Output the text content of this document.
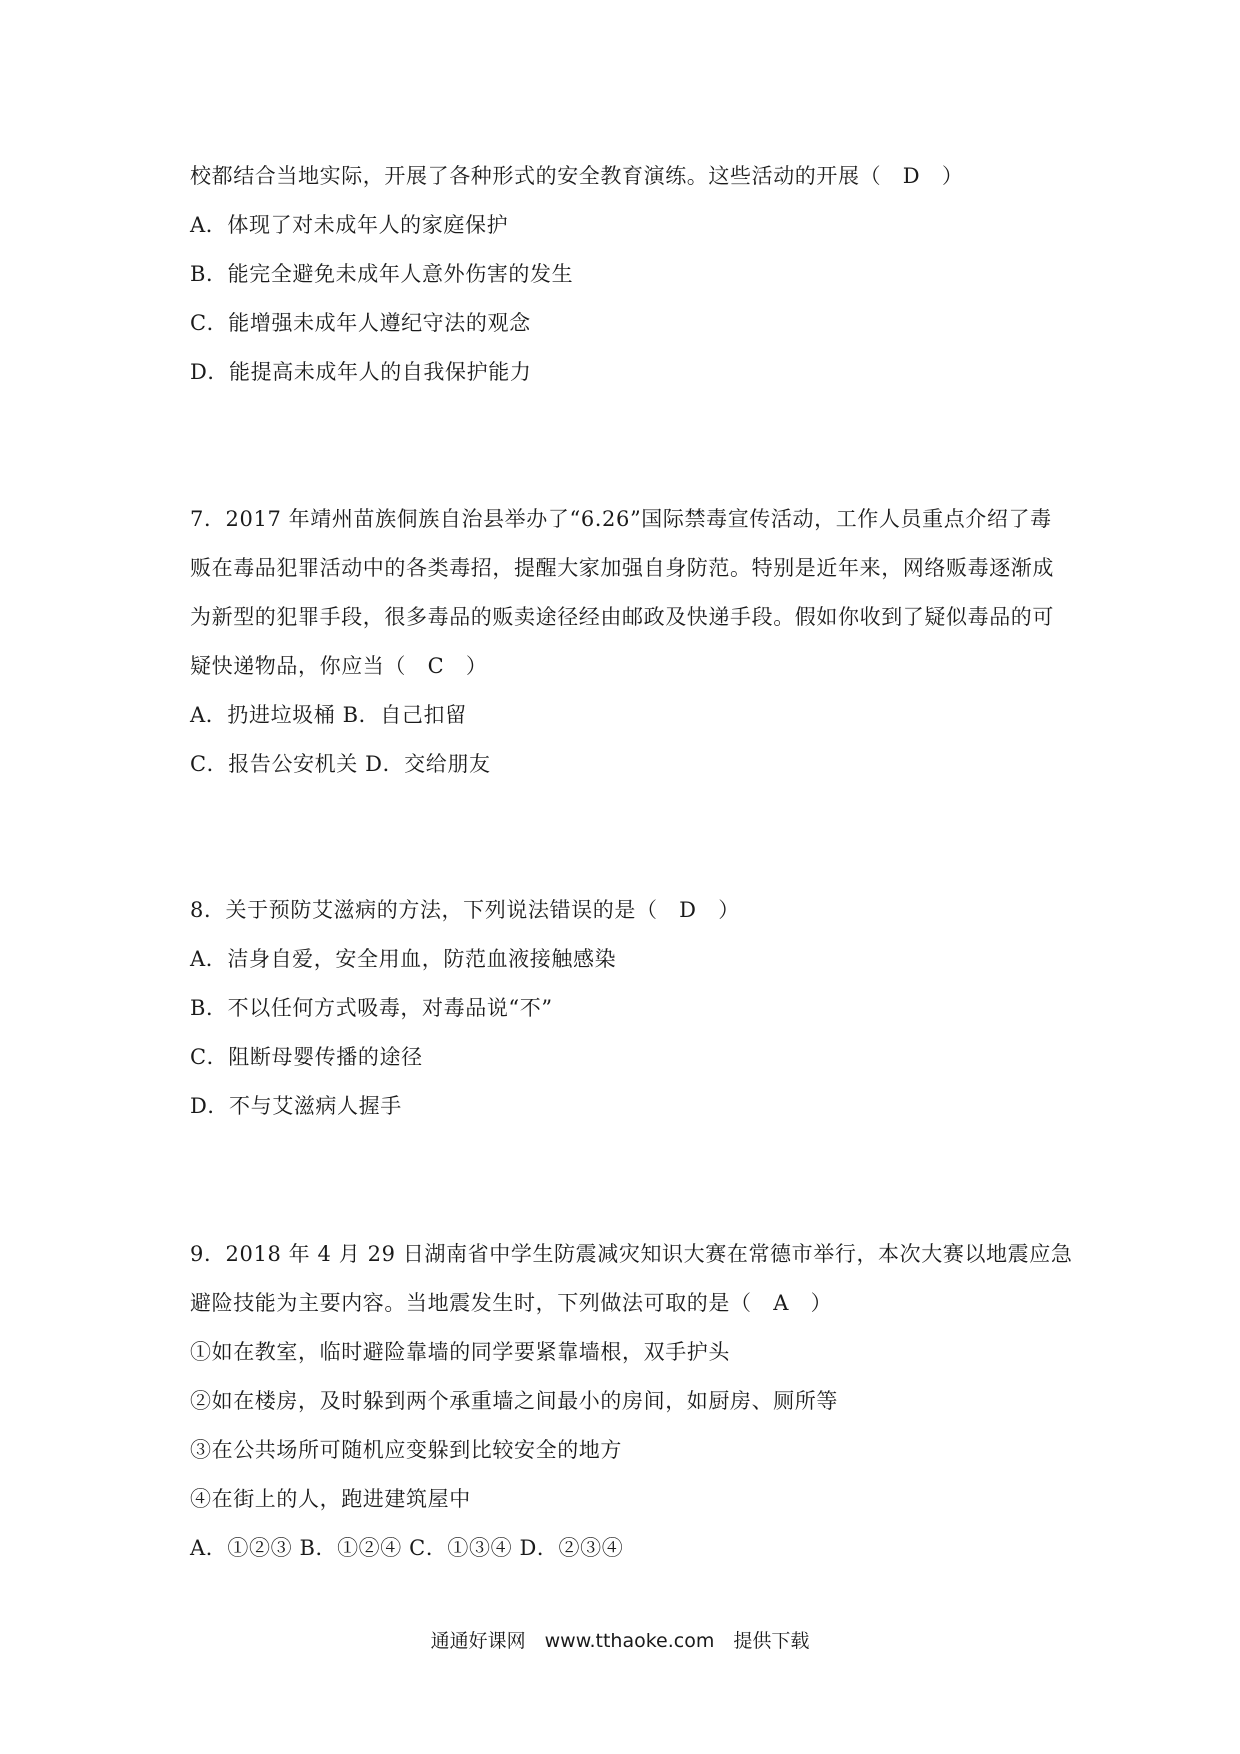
校都结合当地实际，开展了各种形式的安全教育演练。这些活动的开展（　D　）
A．体现了对未成年人的家庭保护
B．能完全避免未成年人意外伤害的发生
C．能增强未成年人遵纪守法的观念
D．能提高未成年人的自我保护能力
7．2017 年靖州苗族侗族自治县举办了“6.26”国际禁毒宣传活动，工作人员重点介绍了毒
贩在毒品犯罪活动中的各类毒招，提醒大家加强自身防范。特别是近年来，网络贩毒逐渐成
为新型的犯罪手段，很多毒品的贩卖途径经由邮政及快递手段。假如你收到了疑似毒品的可
疑快递物品，你应当（　C　）
A．扔进垃圾桶 B．自己扣留
C．报告公安机关 D．交给朋友
8．关于预防艾滋病的方法，下列说法错误的是（　D　）
A．洁身自爱，安全用血，防范血液接触感染
B．不以任何方式吸毒，对毒品说“不”
C．阻断母婴传播的途径
D．不与艾滋病人握手
9．2018 年 4 月 29 日湖南省中学生防震减灾知识大赛在常德市举行，本次大赛以地震应急
避险技能为主要内容。当地震发生时，下列做法可取的是（　A　）
①如在教室，临时避险靠墙的同学要紧靠墙根，双手护头
②如在楼房，及时躲到两个承重墙之间最小的房间，如厨房、厕所等
③在公共场所可随机应变躲到比较安全的地方
④在街上的人，跑进建筑屋中
A．①②③ B．①②④ C．①③④ D．②③④
通通好课网　www.tthaoke.com　提供下载
